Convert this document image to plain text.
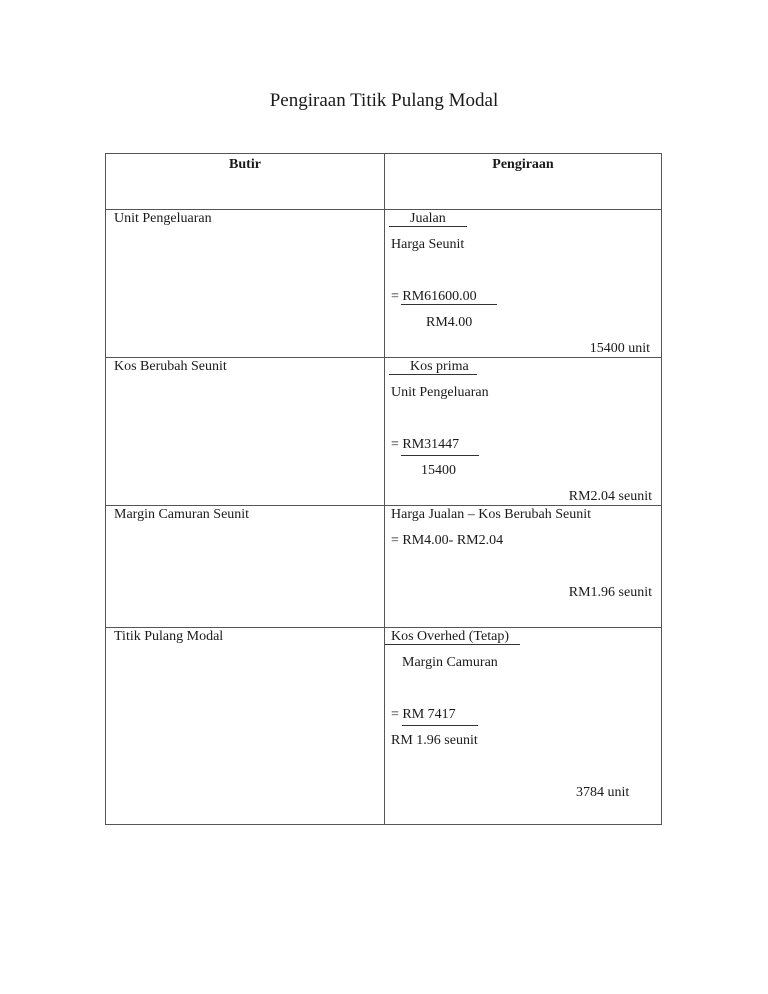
Pengiraan Titik Pulang Modal
Butir	Pengiraan
Unit Pengeluaran	Jualan
Harga Seunit
= RM61600.00
RM4.00
15400 unit
Kos Berubah Seunit	Kos prima
Unit Pengeluaran
= RM31447
15400
RM2.04 seunit
Margin Camuran Seunit	Harga Jualan – Kos Berubah Seunit
= RM4.00- RM2.04
RM1.96 seunit
Titik Pulang Modal	Kos Overhed (Tetap)
Margin Camuran
= RM 7417
RM 1.96 seunit
3784 unit
